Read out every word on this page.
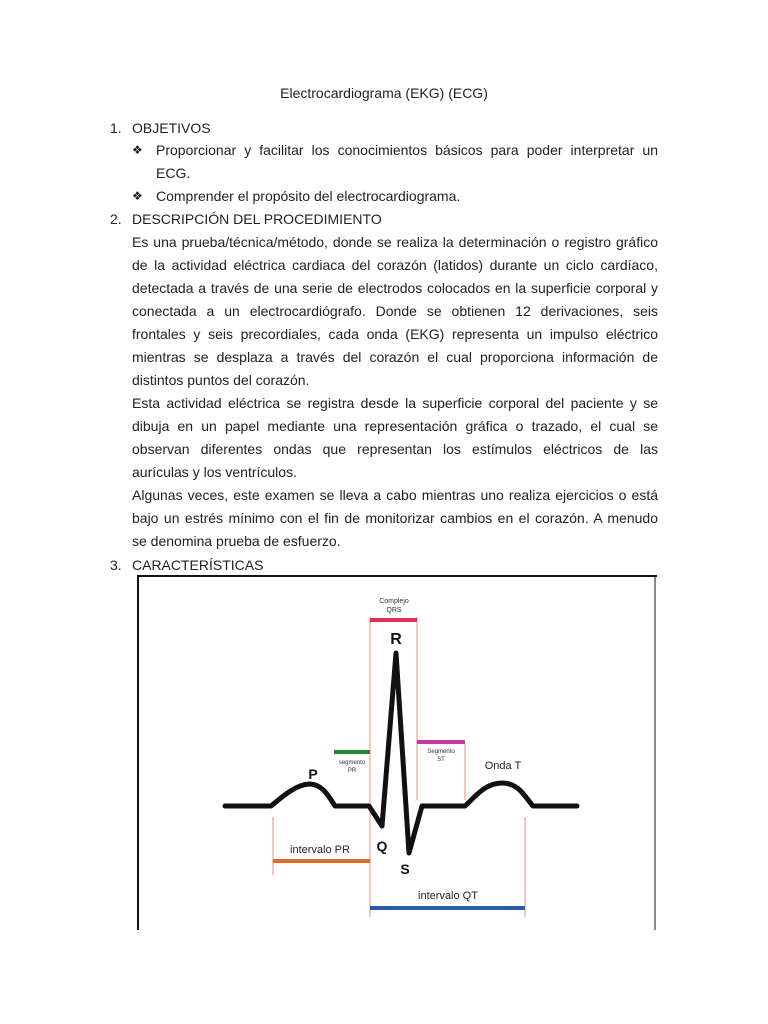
Electrocardiograma (EKG) (ECG)
1. OBJETIVOS
❖ Proporcionar y facilitar los conocimientos básicos para poder interpretar un
ECG.
❖ Comprender el propósito del electrocardiograma.
2. DESCRIPCIÓN DEL PROCEDIMIENTO
Es una prueba/técnica/método, donde se realiza la determinación o registro gráfico
de la actividad eléctrica cardiaca del corazón (latidos) durante un ciclo cardíaco,
detectada a través de una serie de electrodos colocados en la superficie corporal y
conectada a un electrocardiógrafo. Donde se obtienen 12 derivaciones, seis
frontales y seis precordiales, cada onda (EKG) representa un impulso eléctrico
mientras se desplaza a través del corazón el cual proporciona información de
distintos puntos del corazón.
Esta actividad eléctrica se registra desde la superficie corporal del paciente y se
dibuja en un papel mediante una representación gráfica o trazado, el cual se
observan diferentes ondas que representan los estímulos eléctricos de las
aurículas y los ventrículos.
Algunas veces, este examen se lleva a cabo mientras uno realiza ejercicios o está
bajo un estrés mínimo con el fin de monitorizar cambios en el corazón. A menudo
se denomina prueba de esfuerzo.
3. CARACTERÍSTICAS
Complejo
QRS
R
P
Q
S
segmento
PR
Segmento
ST	Onda T
intervalo PR
intervalo QT
